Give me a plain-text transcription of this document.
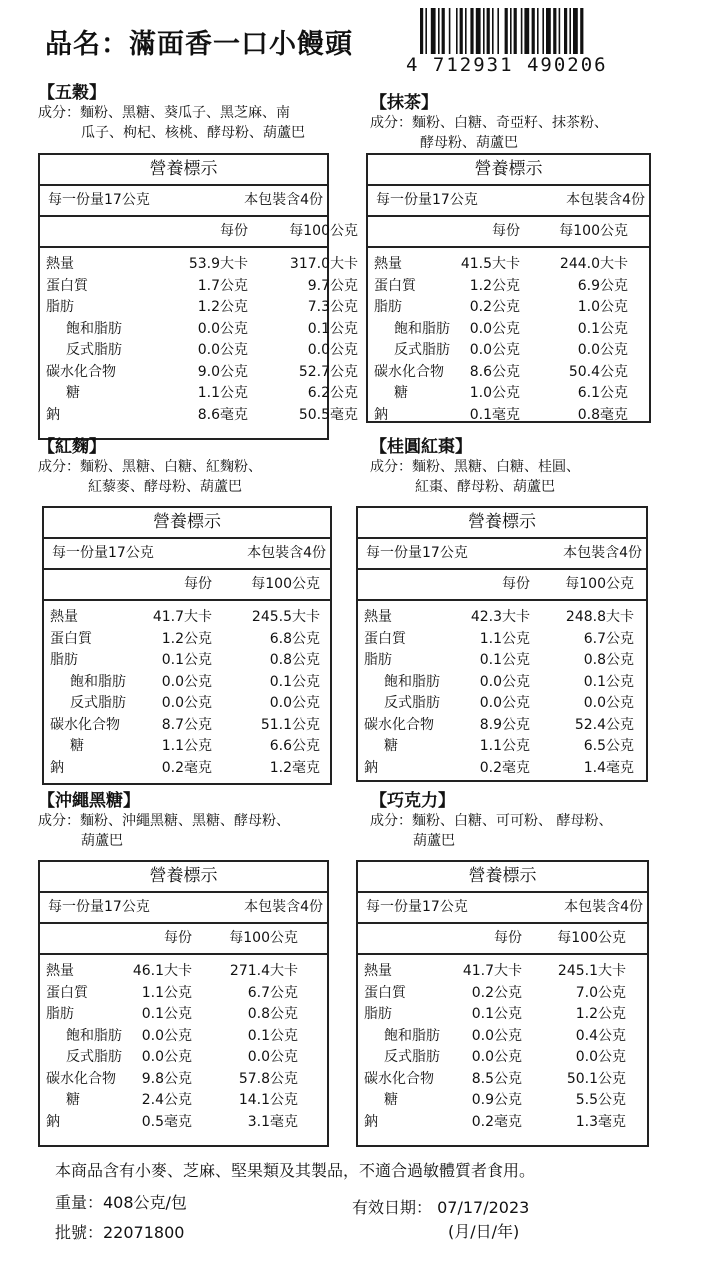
品名：滿面香一口小饅頭
4 712931 490206
【五穀】
成分：麵粉、黑糖、葵瓜子、黑芝麻、南
瓜子、枸杞、核桃、酵母粉、葫蘆巴
營養標示
每一份量17公克	本包裝含4份
每份	每100公克
熱量	53.9大卡	317.0大卡
蛋白質	1.7公克	9.7公克
脂肪	1.2公克	7.3公克
飽和脂肪	0.0公克	0.1公克
反式脂肪	0.0公克	0.0公克
碳水化合物	9.0公克	52.7公克
糖	1.1公克	6.2公克
鈉	8.6毫克	50.5毫克
【抹茶】
成分：麵粉、白糖、奇亞籽、抹茶粉、
酵母粉、葫蘆巴
營養標示
每一份量17公克	本包裝含4份
每份	每100公克
熱量	41.5大卡	244.0大卡
蛋白質	1.2公克	6.9公克
脂肪	0.2公克	1.0公克
飽和脂肪 0.0公克	0.1公克
反式脂肪 0.0公克	0.0公克
碳水化合物 8.6公克	50.4公克
糖	1.0公克	6.1公克
鈉	0.1毫克	0.8毫克
【紅麴】
成分：麵粉、黑糖、白糖、紅麴粉、
紅藜麥、酵母粉、葫蘆巴
營養標示
每一份量17公克	本包裝含4份
每份	每100公克
熱量	41.7大卡	245.5大卡
蛋白質	1.2公克	6.8公克
脂肪	0.1公克	0.8公克
飽和脂肪	0.0公克	0.1公克
反式脂肪	0.0公克	0.0公克
碳水化合物	8.7公克	51.1公克
糖	1.1公克	6.6公克
鈉	0.2毫克	1.2毫克
【桂圓紅棗】
成分：麵粉、黑糖、白糖、桂圓、
紅棗、酵母粉、葫蘆巴
營養標示
每一份量17公克	本包裝含4份
每份	每100公克
熱量	42.3大卡	248.8大卡
蛋白質	1.1公克	6.7公克
脂肪	0.1公克	0.8公克
飽和脂肪	0.0公克	0.1公克
反式脂肪	0.0公克	0.0公克
碳水化合物	8.9公克	52.4公克
糖	1.1公克	6.5公克
鈉	0.2毫克	1.4毫克
【沖繩黑糖】
成分：麵粉、沖繩黑糖、黑糖、酵母粉、
葫蘆巴
營養標示
每一份量17公克	本包裝含4份
每份	每100公克
熱量	46.1大卡	271.4大卡
蛋白質	1.1公克	6.7公克
脂肪	0.1公克	0.8公克
飽和脂肪 0.0公克	0.1公克
反式脂肪 0.0公克	0.0公克
碳水化合物 9.8公克	57.8公克
糖	2.4公克	14.1公克
鈉	0.5毫克	3.1毫克
【巧克力】
成分：麵粉、白糖、可可粉、 酵母粉、
葫蘆巴
營養標示
每一份量17公克	本包裝含4份
每份	每100公克
熱量	41.7大卡	245.1大卡
蛋白質	0.2公克	7.0公克
脂肪	0.1公克	1.2公克
飽和脂肪 0.0公克	0.4公克
反式脂肪 0.0公克	0.0公克
碳水化合物	8.5公克	50.1公克
糖	0.9公克	5.5公克
鈉	0.2毫克	1.3毫克
本商品含有小麥、芝麻、堅果類及其製品，不適合過敏體質者食用。
重量：408公克/包
批號：22071800
有效日期： 07/17/2023
(月/日/年)
